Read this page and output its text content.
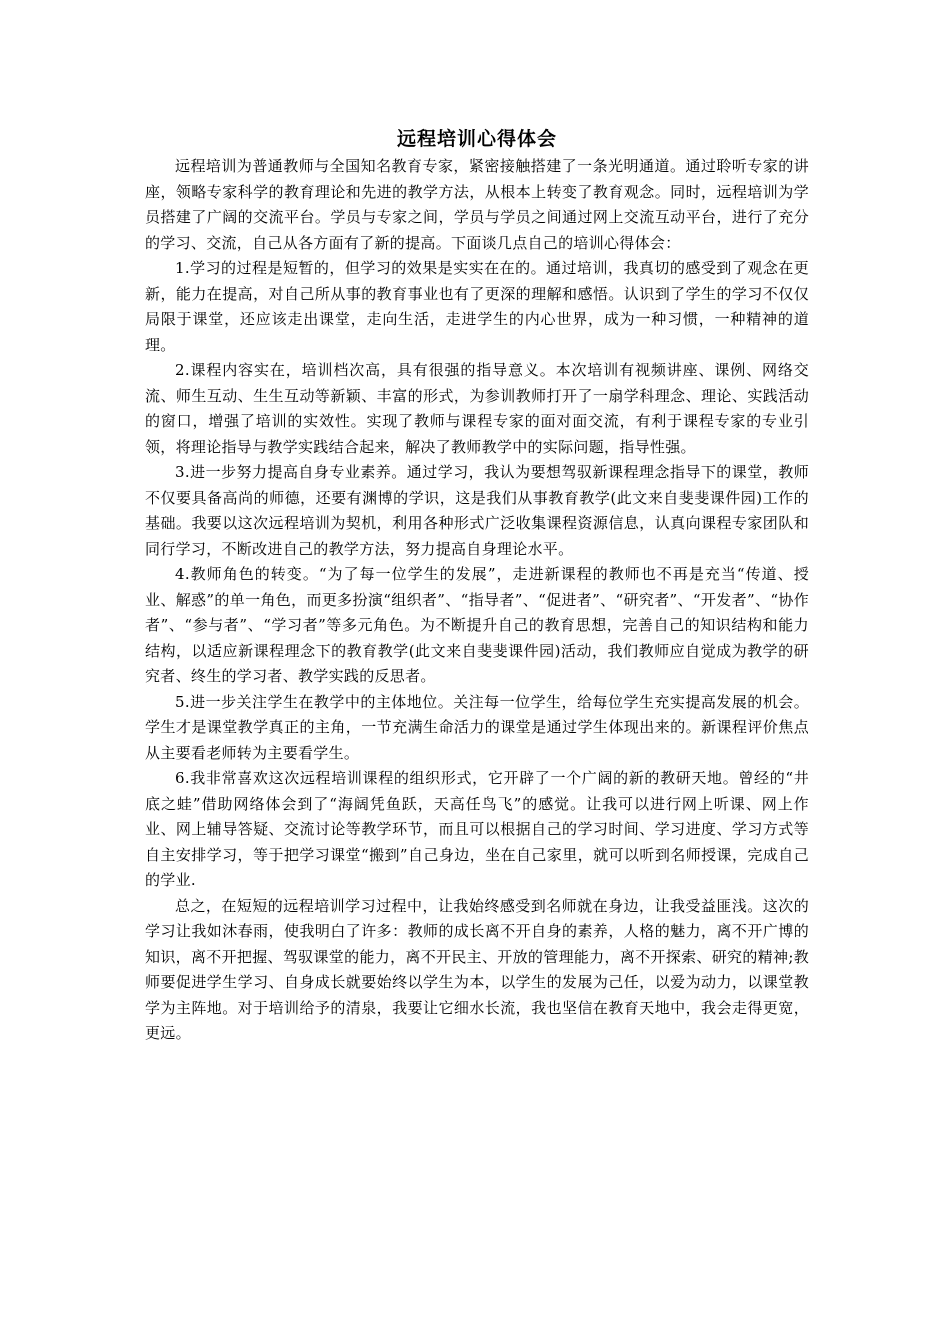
远程培训心得体会

远程培训为普通教师与全国知名教育专家，紧密接触搭建了一条光明通道。通过聆听专家的讲座，领略专家科学的教育理论和先进的教学方法，从根本上转变了教育观念。同时，远程培训为学员搭建了广阔的交流平台。学员与专家之间，学员与学员之间通过网上交流互动平台，进行了充分的学习、交流，自己从各方面有了新的提高。下面谈几点自己的培训心得体会：

1.学习的过程是短暂的，但学习的效果是实实在在的。通过培训，我真切的感受到了观念在更新，能力在提高，对自己所从事的教育事业也有了更深的理解和感悟。认识到了学生的学习不仅仅局限于课堂，还应该走出课堂，走向生活，走进学生的内心世界，成为一种习惯，一种精神的道理。

2.课程内容实在，培训档次高，具有很强的指导意义。本次培训有视频讲座、课例、网络交流、师生互动、生生互动等新颖、丰富的形式，为参训教师打开了一扇学科理念、理论、实践活动的窗口，增强了培训的实效性。实现了教师与课程专家的面对面交流，有利于课程专家的专业引领，将理论指导与教学实践结合起来，解决了教师教学中的实际问题，指导性强。

3.进一步努力提高自身专业素养。通过学习，我认为要想驾驭新课程理念指导下的课堂，教师不仅要具备高尚的师德，还要有渊博的学识，这是我们从事教育教学(此文来自斐斐课件园)工作的基础。我要以这次远程培训为契机，利用各种形式广泛收集课程资源信息，认真向课程专家团队和同行学习，不断改进自己的教学方法，努力提高自身理论水平。

4.教师角色的转变。“为了每一位学生的发展”，走进新课程的教师也不再是充当“传道、授业、解惑”的单一角色，而更多扮演“组织者”、“指导者”、“促进者”、“研究者”、“开发者”、“协作者”、“参与者”、“学习者”等多元角色。为不断提升自己的教育思想，完善自己的知识结构和能力结构，以适应新课程理念下的教育教学(此文来自斐斐课件园)活动，我们教师应自觉成为教学的研究者、终生的学习者、教学实践的反思者。

5.进一步关注学生在教学中的主体地位。关注每一位学生，给每位学生充实提高发展的机会。学生才是课堂教学真正的主角，一节充满生命活力的课堂是通过学生体现出来的。新课程评价焦点从主要看老师转为主要看学生。

6.我非常喜欢这次远程培训课程的组织形式，它开辟了一个广阔的新的教研天地。曾经的“井底之蛙”借助网络体会到了“海阔凭鱼跃，天高任鸟飞”的感觉。让我可以进行网上听课、网上作业、网上辅导答疑、交流讨论等教学环节，而且可以根据自己的学习时间、学习进度、学习方式等自主安排学习，等于把学习课堂“搬到”自己身边，坐在自己家里，就可以听到名师授课，完成自己的学业.

总之，在短短的远程培训学习过程中，让我始终感受到名师就在身边，让我受益匪浅。这次的学习让我如沐春雨，使我明白了许多：教师的成长离不开自身的素养，人格的魅力，离不开广博的知识，离不开把握、驾驭课堂的能力，离不开民主、开放的管理能力，离不开探索、研究的精神;教师要促进学生学习、自身成长就要始终以学生为本，以学生的发展为己任，以爱为动力，以课堂教学为主阵地。对于培训给予的清泉，我要让它细水长流，我也坚信在教育天地中，我会走得更宽，更远。
